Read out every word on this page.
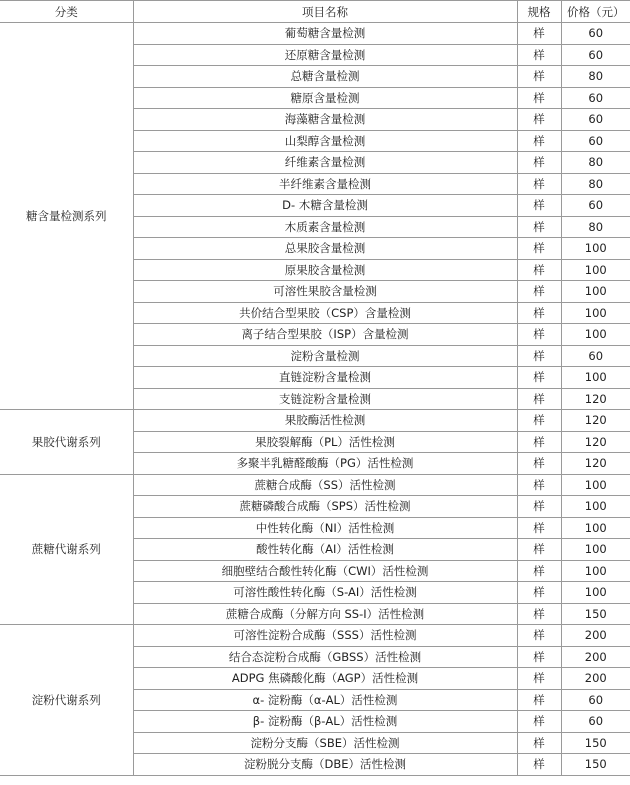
分类	项目名称	规格	价格（元）
糖含量检测系列	葡萄糖含量检测	样	60
	还原糖含量检测	样	60
	总糖含量检测	样	80
	糖原含量检测	样	60
	海藻糖含量检测	样	60
	山梨醇含量检测	样	60
	纤维素含量检测	样	80
	半纤维素含量检测	样	80
	D- 木糖含量检测	样	60
	木质素含量检测	样	80
	总果胶含量检测	样	100
	原果胶含量检测	样	100
	可溶性果胶含量检测	样	100
	共价结合型果胶（CSP）含量检测	样	100
	离子结合型果胶（ISP）含量检测	样	100
	淀粉含量检测	样	60
	直链淀粉含量检测	样	100
	支链淀粉含量检测	样	120
果胶代谢系列	果胶酶活性检测	样	120
	果胶裂解酶（PL）活性检测	样	120
	多聚半乳糖醛酸酶（PG）活性检测	样	120
蔗糖代谢系列	蔗糖合成酶（SS）活性检测	样	100
	蔗糖磷酸合成酶（SPS）活性检测	样	100
	中性转化酶（NI）活性检测	样	100
	酸性转化酶（AI）活性检测	样	100
	细胞壁结合酸性转化酶（CWI）活性检测	样	100
	可溶性酸性转化酶（S-AI）活性检测	样	100
	蔗糖合成酶（分解方向 SS-I）活性检测	样	150
淀粉代谢系列	可溶性淀粉合成酶（SSS）活性检测	样	200
	结合态淀粉合成酶（GBSS）活性检测	样	200
	ADPG 焦磷酸化酶（AGP）活性检测	样	200
	α- 淀粉酶（α-AL）活性检测	样	60
	β- 淀粉酶（β-AL）活性检测	样	60
	淀粉分支酶（SBE）活性检测	样	150
	淀粉脱分支酶（DBE）活性检测	样	150
